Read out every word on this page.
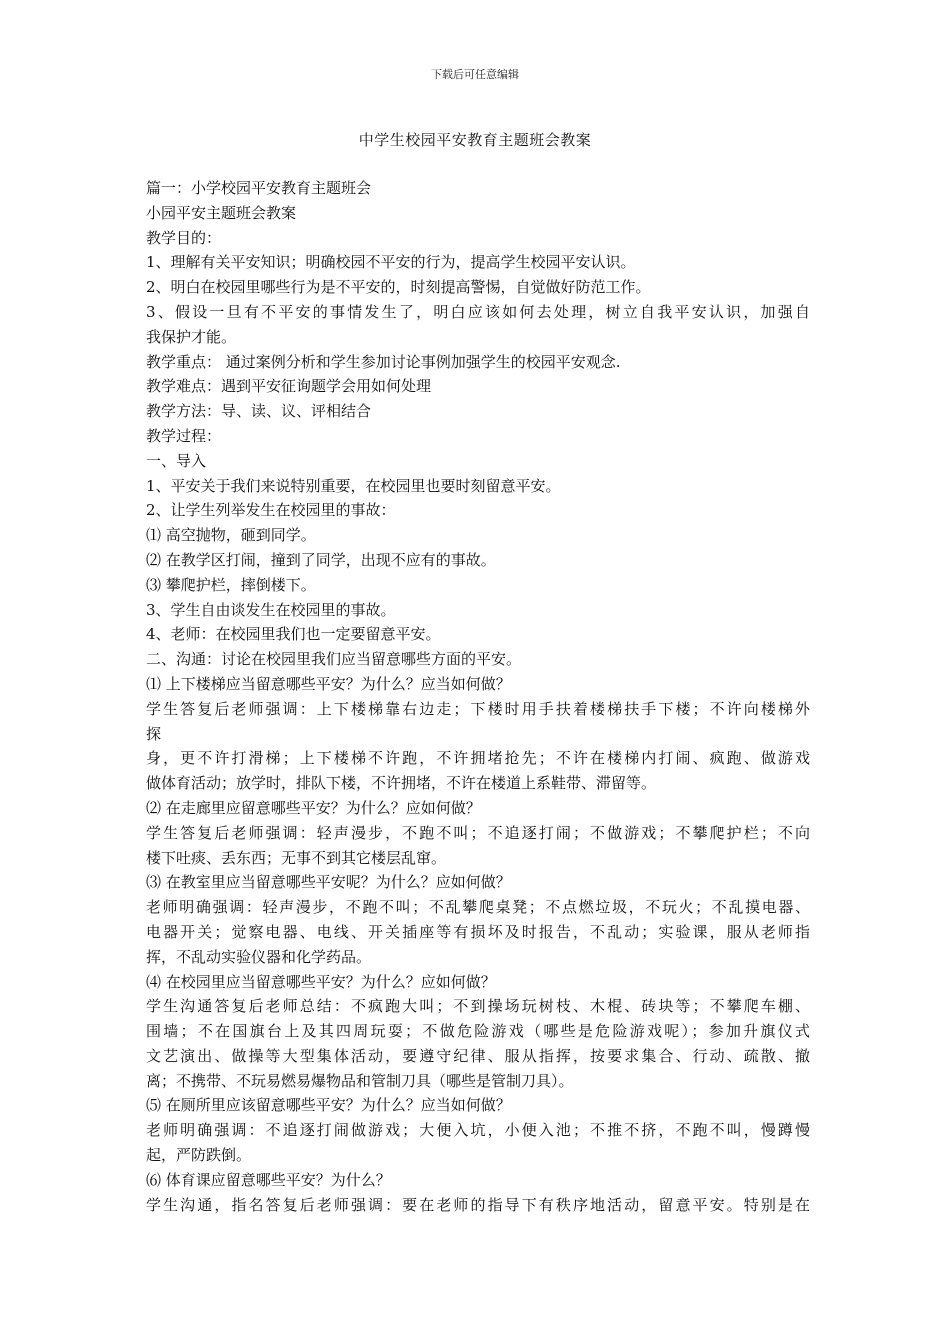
下载后可任意编辑
中学生校园平安教育主题班会教案
篇一：小学校园平安教育主题班会
小园平安主题班会教案
教学目的：
1、理解有关平安知识；明确校园不平安的行为，提高学生校园平安认识。
2、明白在校园里哪些行为是不平安的，时刻提高警惕，自觉做好防范工作。
3、假设一旦有不平安的事情发生了，明白应该如何去处理，树立自我平安认识，加强自
我保护才能。
教学重点： 通过案例分析和学生参加讨论事例加强学生的校园平安观念.
教学难点：遇到平安征询题学会用如何处理
教学方法：导、读、议、评相结合
教学过程：
一、导入
1、平安关于我们来说特别重要，在校园里也要时刻留意平安。
2、让学生列举发生在校园里的事故：
⑴ 高空抛物，砸到同学。
⑵ 在教学区打闹，撞到了同学，出现不应有的事故。
⑶ 攀爬护栏，摔倒楼下。
3、学生自由谈发生在校园里的事故。
4、老师：在校园里我们也一定要留意平安。
二、沟通：讨论在校园里我们应当留意哪些方面的平安。
⑴ 上下楼梯应当留意哪些平安？为什么？应当如何做？
学生答复后老师强调：上下楼梯靠右边走；下楼时用手扶着楼梯扶手下楼；不许向楼梯外
探
身，更不许打滑梯；上下楼梯不许跑，不许拥堵抢先；不许在楼梯内打闹、疯跑、做游戏
做体育活动；放学时，排队下楼，不许拥堵，不许在楼道上系鞋带、滞留等。
⑵ 在走廊里应留意哪些平安？为什么？应如何做？
学生答复后老师强调：轻声漫步，不跑不叫；不追逐打闹；不做游戏；不攀爬护栏；不向
楼下吐痰、丢东西；无事不到其它楼层乱窜。
⑶ 在教室里应当留意哪些平安呢？为什么？应如何做？
老师明确强调：轻声漫步，不跑不叫；不乱攀爬桌凳；不点燃垃圾，不玩火；不乱摸电器、
电器开关；觉察电器、电线、开关插座等有损坏及时报告，不乱动；实验课，服从老师指
挥，不乱动实验仪器和化学药品。
⑷ 在校园里应当留意哪些平安？为什么？应如何做？
学生沟通答复后老师总结：不疯跑大叫；不到操场玩树枝、木棍、砖块等；不攀爬车棚、
围墙；不在国旗台上及其四周玩耍；不做危险游戏（哪些是危险游戏呢）；参加升旗仪式
文艺演出、做操等大型集体活动，要遵守纪律、服从指挥，按要求集合、行动、疏散、撤
离；不携带、不玩易燃易爆物品和管制刀具（哪些是管制刀具）。
⑸ 在厕所里应该留意哪些平安？为什么？应当如何做？
老师明确强调：不追逐打闹做游戏；大便入坑，小便入池；不推不挤，不跑不叫，慢蹲慢
起，严防跌倒。
⑹ 体育课应留意哪些平安？为什么？
学生沟通，指名答复后老师强调：要在老师的指导下有秩序地活动，留意平安。特别是在
